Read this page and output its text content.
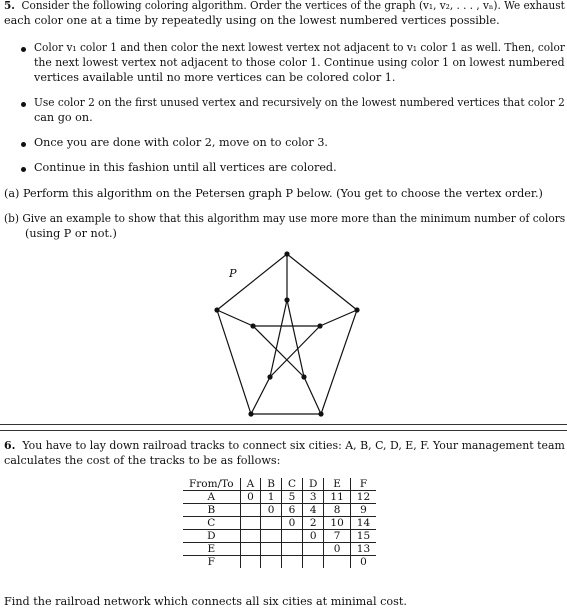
5. Consider the following coloring algorithm. Order the vertices of the graph (v₁, v₂, . . . , vₙ). We exhaust

each color one at a time by repeatedly using on the lowest numbered vertices possible.

Color v₁ color 1 and then color the next lowest vertex not adjacent to v₁ color 1 as well. Then, color

the next lowest vertex not adjacent to those color 1. Continue using color 1 on lowest numbered

vertices available until no more vertices can be colored color 1.

Use color 2 on the first unused vertex and recursively on the lowest numbered vertices that color 2

can go on.

Once you are done with color 2, move on to color 3.

Continue in this fashion until all vertices are colored.

(a) Perform this algorithm on the Petersen graph P below. (You get to choose the vertex order.)

(b) Give an example to show that this algorithm may use more more than the minimum number of colors

(using P or not.)

P

6. You have to lay down railroad tracks to connect six cities: A, B, C, D, E, F. Your management team

calculates the cost of the tracks to be as follows:

From/To	A	B	C	D	E	F
A	0	1	5	3	11	12
B		0	6	4	8	9
C			0	2	10	14
D				0	7	15
E					0	13
F						0

Find the railroad network which connects all six cities at minimal cost.
